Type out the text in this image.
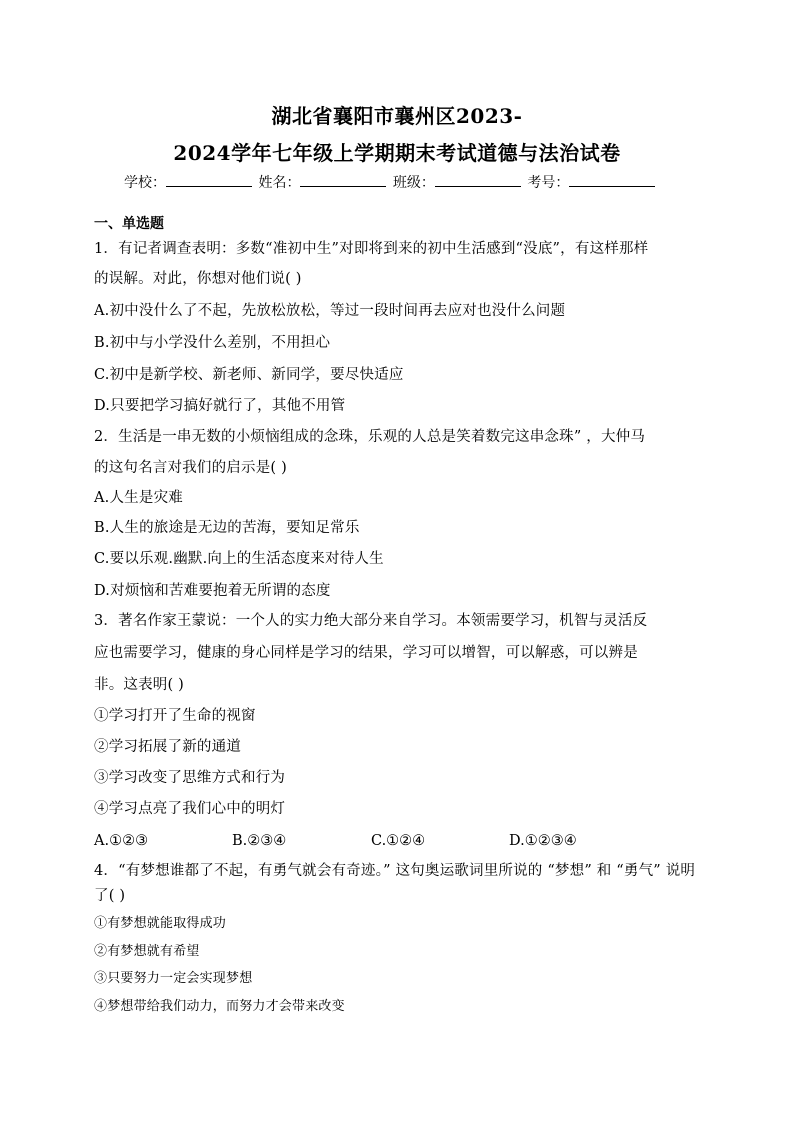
湖北省襄阳市襄州区2023-
2024学年七年级上学期期末考试道德与法治试卷
学校：	姓名：	班级：	考号：
一、单选题
1．有记者调查表明：多数“准初中生”对即将到来的初中生活感到“没底”，有这样那样
的误解。对此，你想对他们说( )
A.初中没什么了不起，先放松放松，等过一段时间再去应对也没什么问题
B.初中与小学没什么差别，不用担心
C.初中是新学校、新老师、新同学，要尽快适应
D.只要把学习搞好就行了，其他不用管
2．生活是一串无数的小烦恼组成的念珠，乐观的人总是笑着数完这串念珠” ，大仲马
的这句名言对我们的启示是( )
A.人生是灾难
B.人生的旅途是无边的苦海，要知足常乐
C.要以乐观.幽默.向上的生活态度来对待人生
D.对烦恼和苦难要抱着无所谓的态度
3．著名作家王蒙说：一个人的实力绝大部分来自学习。本领需要学习，机智与灵活反
应也需要学习，健康的身心同样是学习的结果，学习可以增智，可以解惑，可以辨是
非。这表明( )
①学习打开了生命的视窗
②学习拓展了新的通道
③学习改变了思维方式和行为
④学习点亮了我们心中的明灯
A.①②③	B.②③④	C.①②④	D.①②③④
4．“有梦想谁都了不起，有勇气就会有奇迹。” 这句奥运歌词里所说的 “梦想” 和 “勇气” 说明
了( )
①有梦想就能取得成功
②有梦想就有希望
③只要努力一定会实现梦想
④梦想带给我们动力，而努力才会带来改变
